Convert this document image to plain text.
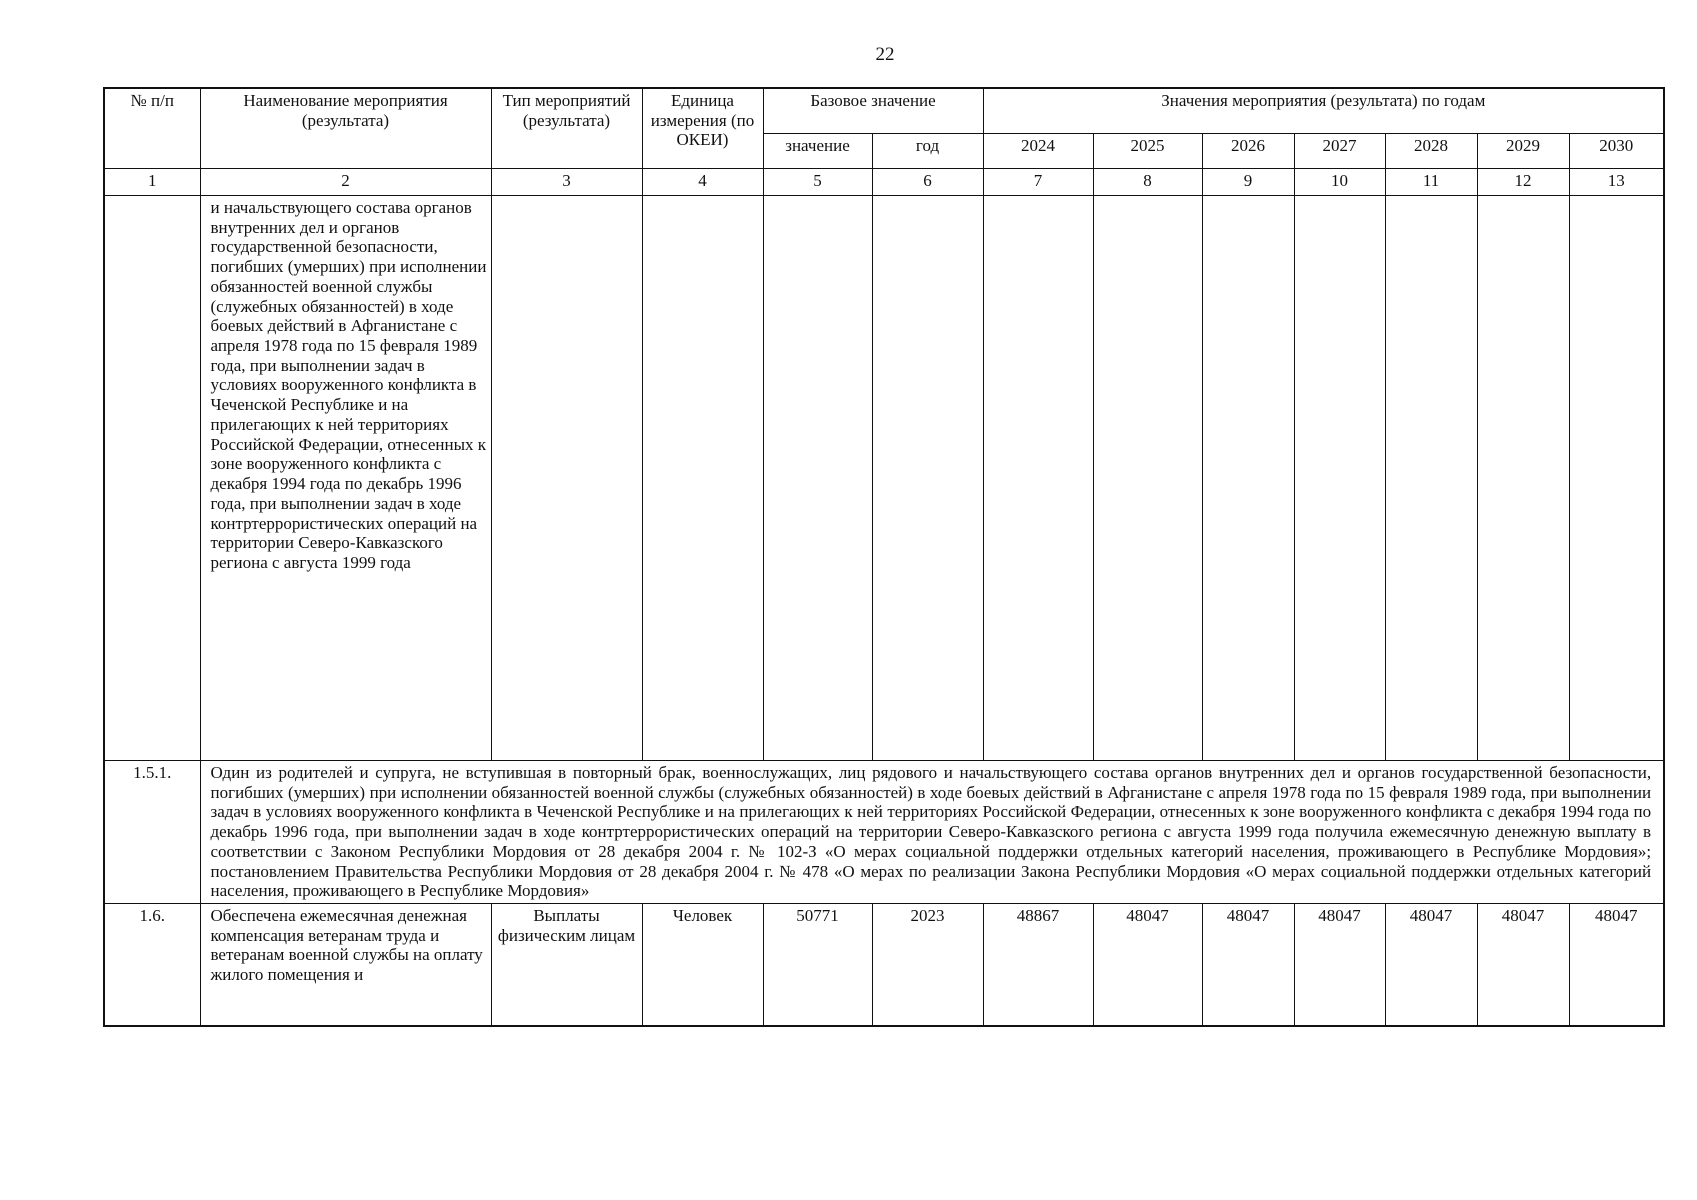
22
№ п/п	Наименование мероприятия (результата)	Тип мероприятий (результата)	Единица измерения (по ОКЕИ)	Базовое значение		Значения мероприятия (результата) по годам						
				значение	год	2024	2025	2026	2027	2028	2029	2030
1	2	3	4	5	6	7	8	9	10	11	12	13
	и начальствующего состава органов внутренних дел и органов государственной безопасности, погибших (умерших) при исполнении обязанностей военной службы (служебных обязанностей) в ходе боевых действий в Афганистане с апреля 1978 года по 15 февраля 1989 года, при выполнении задач в условиях вооруженного конфликта в Чеченской Республике и на прилегающих к ней территориях Российской Федерации, отнесенных к зоне вооруженного конфликта с декабря 1994 года по декабрь 1996 года, при выполнении задач в ходе контртеррористических операций на территории Северо-Кавказского региона с августа 1999 года											
1.5.1.	Один из родителей и супруга, не вступившая в повторный брак, военнослужащих, лиц рядового и начальствующего состава органов внутренних дел и органов государственной безопасности, погибших (умерших) при исполнении обязанностей военной службы (служебных обязанностей) в ходе боевых действий в Афганистане с апреля 1978 года по 15 февраля 1989 года, при выполнении задач в условиях вооруженного конфликта в Чеченской Республике и на прилегающих к ней территориях Российской Федерации, отнесенных к зоне вооруженного конфликта с декабря 1994 года по декабрь 1996 года, при выполнении задач в ходе контртеррористических операций на территории Северо-Кавказского региона с августа 1999 года получила ежемесячную денежную выплату в соответствии с Законом Республики Мордовия от 28 декабря 2004 г. № 102-З «О мерах социальной поддержки отдельных категорий населения, проживающего в Республике Мордовия»; постановлением Правительства Республики Мордовия от 28 декабря 2004 г. № 478 «О мерах по реализации Закона Республики Мордовия «О мерах социальной поддержки отдельных категорий населения, проживающего в Республике Мордовия»											
1.6.	Обеспечена ежемесячная денежная компенсация ветеранам труда и ветеранам военной службы на оплату жилого помещения и	Выплаты физическим лицам	Человек	50771	2023	48867	48047	48047	48047	48047	48047	48047
